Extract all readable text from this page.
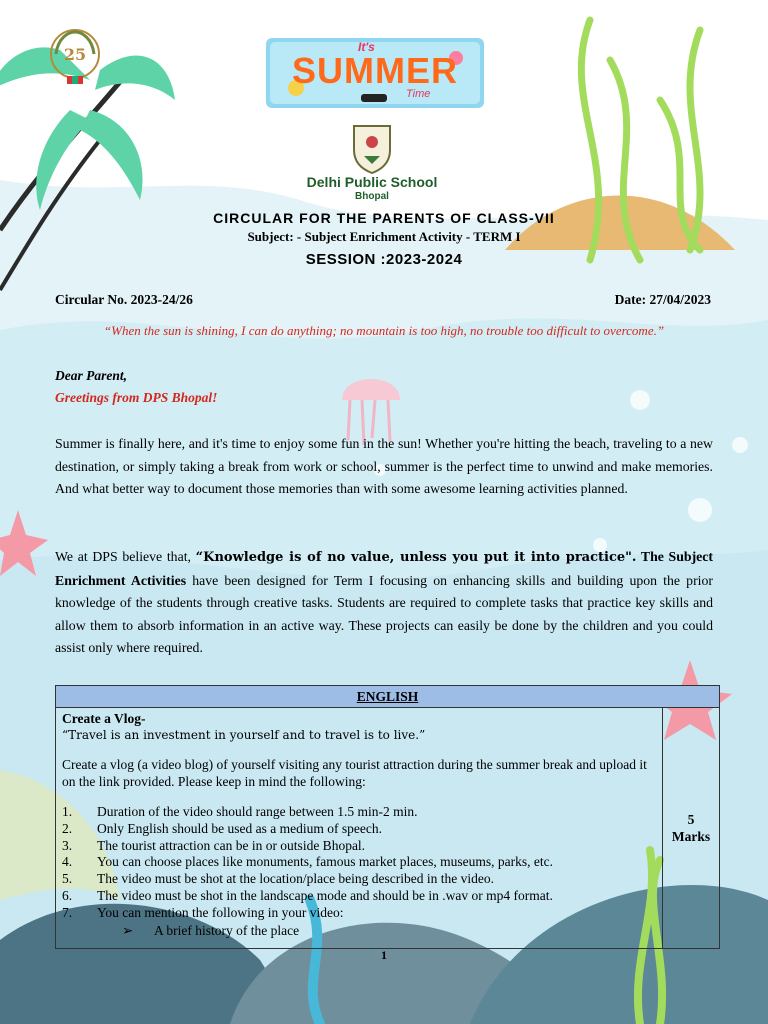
25	It's
SUMMER
Time
Delhi Public School
Bhopal
CIRCULAR FOR THE PARENTS OF CLASS-VII
Subject: - Subject Enrichment Activity - TERM I
SESSION :2023-2024
Circular No. 2023-24/26	Date: 27/04/2023
“When the sun is shining, I can do anything; no mountain is too high, no trouble too difficult to overcome.”
Dear Parent,
Greetings from DPS Bhopal!
Summer is finally here, and it's time to enjoy some fun in the sun! Whether you're hitting the beach, traveling to a new destination, or simply taking a break from work or school, summer is the perfect time to unwind and make memories. And what better way to document those memories than with some awesome learning activities planned.
We at DPS believe that, “Knowledge is of no value, unless you put it into practice". The Subject Enrichment Activities have been designed for Term I focusing on enhancing skills and building upon the prior knowledge of the students through creative tasks. Students are required to complete tasks that practice key skills and allow them to absorb information in an active way. These projects can easily be done by the children and you could assist only where required.
ENGLISH

Create a Vlog-
“Travel is an investment in yourself and to travel is to live.”
Create a vlog (a video blog) of yourself visiting any tourist attraction during the summer break and upload it on the link provided. Please keep in mind the following:
1.	Duration of the video should range between 1.5 min-2 min.
2.	Only English should be used as a medium of speech.
3.	The tourist attraction can be in or outside Bhopal.
4.	You can choose places like monuments, famous market places, museums, parks, etc.
5.	The video must be shot at the location/place being described in the video.
6.	The video must be shot in the landscape mode and should be in .wav or mp4 format.
7.	You can mention the following in your video:
➢	A brief history of the place

5
Marks
1
